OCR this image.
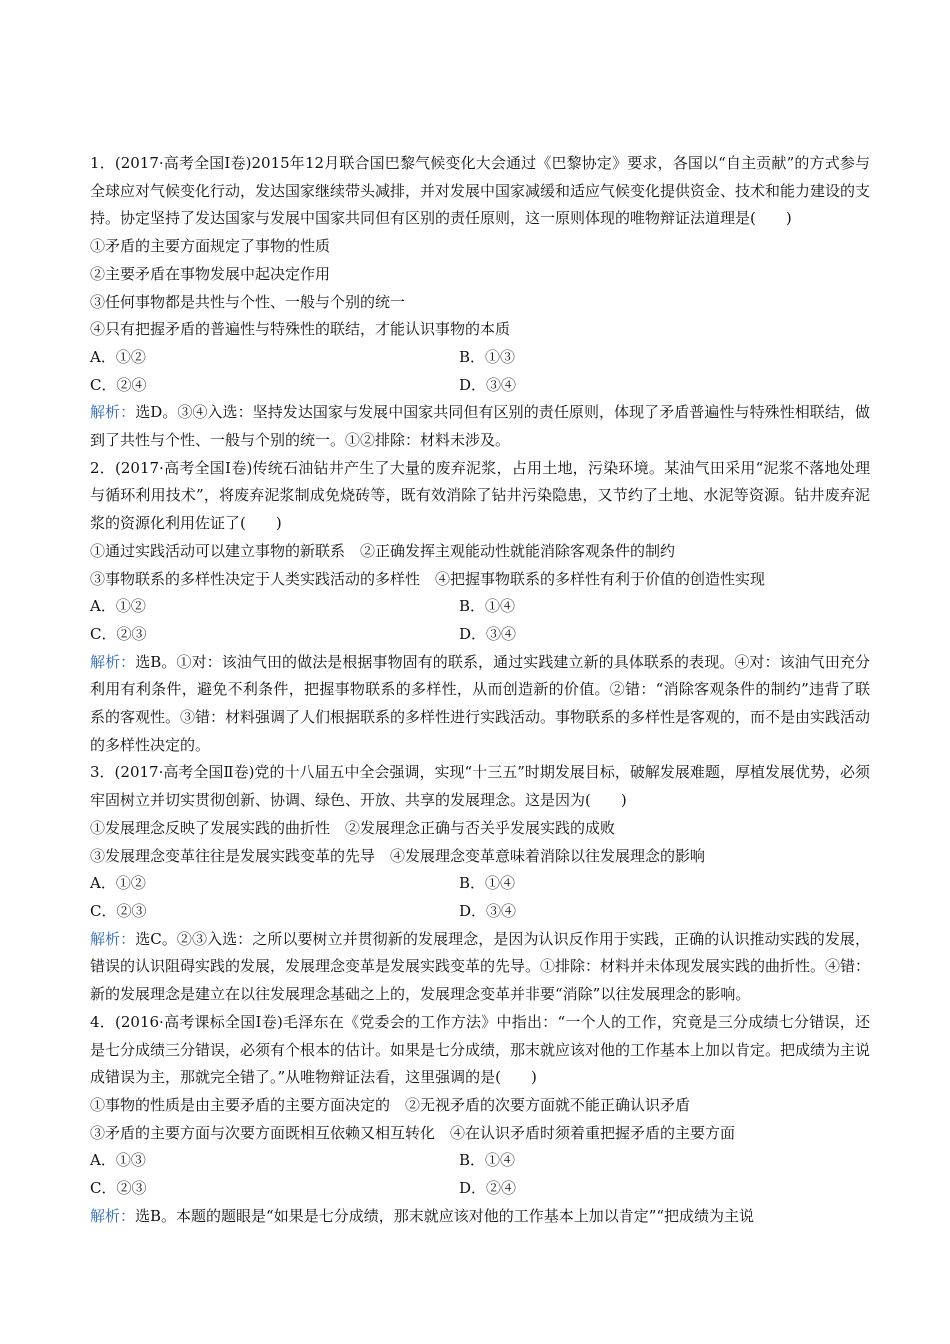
1．(2017·高考全国Ⅰ卷)2015年12月联合国巴黎气候变化大会通过《巴黎协定》要求，各国以“自主贡献”的方式参与全球应对气候变化行动，发达国家继续带头减排，并对发展中国家减缓和适应气候变化提供资金、技术和能力建设的支持。协定坚持了发达国家与发展中国家共同但有区别的责任原则，这一原则体现的唯物辩证法道理是(　　)
①矛盾的主要方面规定了事物的性质
②主要矛盾在事物发展中起决定作用
③任何事物都是共性与个性、一般与个别的统一
④只有把握矛盾的普遍性与特殊性的联结，才能认识事物的本质
A．①②	B．①③
C．②④	D．③④
解析：选D。③④入选：坚持发达国家与发展中国家共同但有区别的责任原则，体现了矛盾普遍性与特殊性相联结，做到了共性与个性、一般与个别的统一。①②排除：材料未涉及。
2．(2017·高考全国Ⅰ卷)传统石油钻井产生了大量的废弃泥浆，占用土地，污染环境。某油气田采用“泥浆不落地处理与循环利用技术”，将废弃泥浆制成免烧砖等，既有效消除了钻井污染隐患，又节约了土地、水泥等资源。钻井废弃泥浆的资源化利用佐证了(　　)
①通过实践活动可以建立事物的新联系　②正确发挥主观能动性就能消除客观条件的制约
③事物联系的多样性决定于人类实践活动的多样性　④把握事物联系的多样性有利于价值的创造性实现
A．①②	B．①④
C．②③	D．③④
解析：选B。①对：该油气田的做法是根据事物固有的联系，通过实践建立新的具体联系的表现。④对：该油气田充分利用有利条件，避免不利条件，把握事物联系的多样性，从而创造新的价值。②错：“消除客观条件的制约”违背了联系的客观性。③错：材料强调了人们根据联系的多样性进行实践活动。事物联系的多样性是客观的，而不是由实践活动的多样性决定的。
3．(2017·高考全国Ⅱ卷)党的十八届五中全会强调，实现“十三五”时期发展目标，破解发展难题，厚植发展优势，必须牢固树立并切实贯彻创新、协调、绿色、开放、共享的发展理念。这是因为(　　)
①发展理念反映了发展实践的曲折性　②发展理念正确与否关乎发展实践的成败
③发展理念变革往往是发展实践变革的先导　④发展理念变革意味着消除以往发展理念的影响
A．①②	B．①④
C．②③	D．③④
解析：选C。②③入选：之所以要树立并贯彻新的发展理念，是因为认识反作用于实践，正确的认识推动实践的发展，错误的认识阻碍实践的发展，发展理念变革是发展实践变革的先导。①排除：材料并未体现发展实践的曲折性。④错：新的发展理念是建立在以往发展理念基础之上的，发展理念变革并非要“消除”以往发展理念的影响。
4．(2016·高考课标全国Ⅰ卷)毛泽东在《党委会的工作方法》中指出：“一个人的工作，究竟是三分成绩七分错误，还是七分成绩三分错误，必须有个根本的估计。如果是七分成绩，那末就应该对他的工作基本上加以肯定。把成绩为主说成错误为主，那就完全错了。”从唯物辩证法看，这里强调的是(　　)
①事物的性质是由主要矛盾的主要方面决定的　②无视矛盾的次要方面就不能正确认识矛盾
③矛盾的主要方面与次要方面既相互依赖又相互转化　④在认识矛盾时须着重把握矛盾的主要方面
A．①③	B．①④
C．②③	D．②④
解析：选B。本题的题眼是“如果是七分成绩，那末就应该对他的工作基本上加以肯定”“把成绩为主说
